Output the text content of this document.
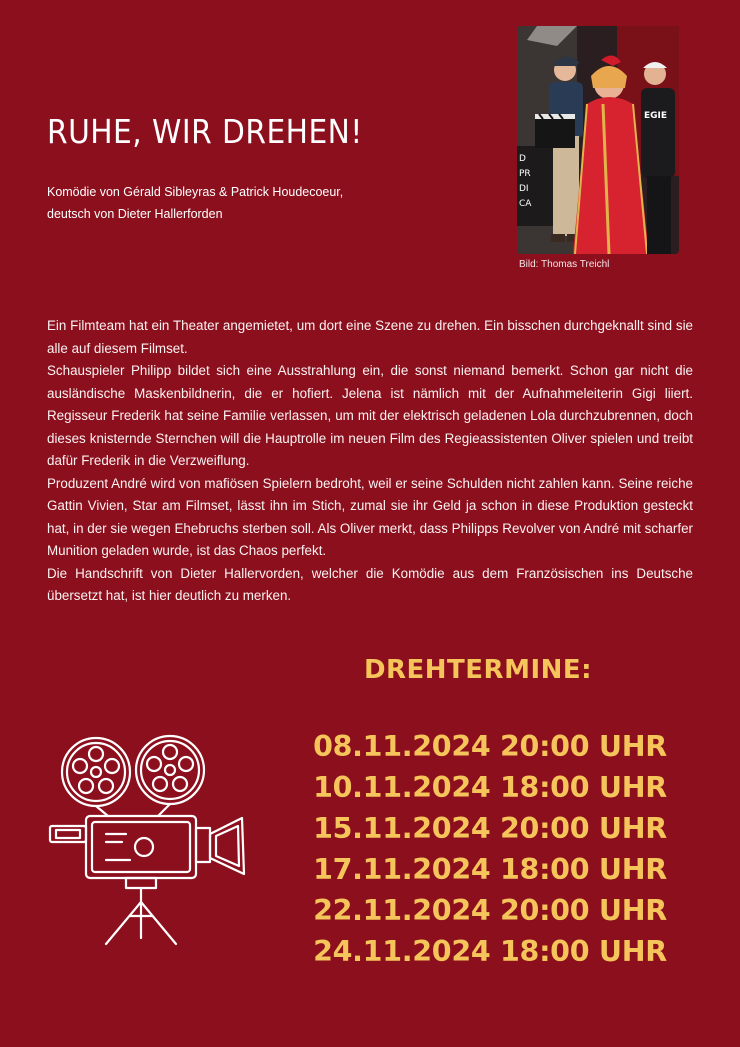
RUHE, WIR DREHEN!
Komödie von Gérald Sibleyras & Patrick Houdecoeur,
deutsch von Dieter Hallerforden
D
PR
DI
CA
EGIE
Bild: Thomas Treichl

Ein Filmteam hat ein Theater angemietet, um dort eine Szene zu drehen. Ein bisschen durchgeknallt sind sie alle auf diesem Filmset.

Schauspieler Philipp bildet sich eine Ausstrahlung ein, die sonst niemand bemerkt. Schon gar nicht die ausländische Maskenbildnerin, die er hofiert. Jelena ist nämlich mit der Aufnahmeleiterin Gigi liiert. Regisseur Frederik hat seine Familie verlassen, um mit der elektrisch geladenen Lola durchzubrennen, doch dieses knisternde Sternchen will die Hauptrolle im neuen Film des Regieassistenten Oliver spielen und treibt dafür Frederik in die Verzweiflung.

Produzent André wird von mafiösen Spielern bedroht, weil er seine Schulden nicht zahlen kann. Seine reiche Gattin Vivien, Star am Filmset, lässt ihn im Stich, zumal sie ihr Geld ja schon in diese Produktion gesteckt hat, in der sie wegen Ehebruchs sterben soll. Als Oliver merkt, dass Philipps Revolver von André mit scharfer Munition geladen wurde, ist das Chaos perfekt.

Die Handschrift von Dieter Hallervorden, welcher die Komödie aus dem Französischen ins Deutsche übersetzt hat, ist hier deutlich zu merken.

DREHTERMINE:
08.11.2024 20:00 UHR
10.11.2024 18:00 UHR
15.11.2024 20:00 UHR
17.11.2024 18:00 UHR
22.11.2024 20:00 UHR
24.11.2024 18:00 UHR
